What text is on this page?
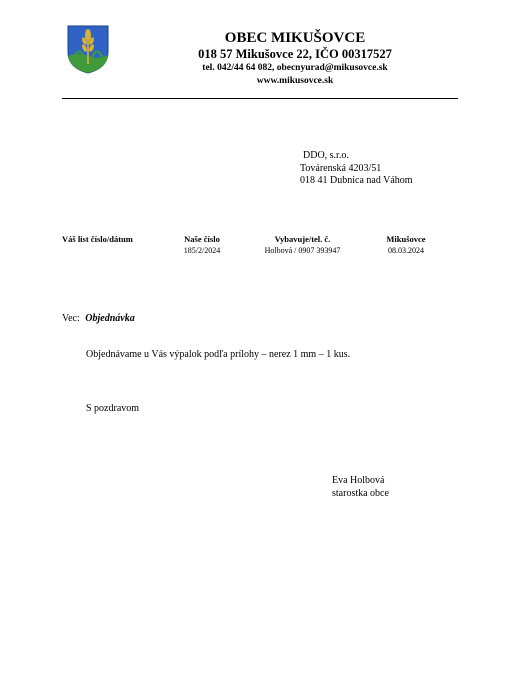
OBEC MIKUŠOVCE
018 57 Mikušovce 22, IČO 00317527
tel. 042/44 64 082, obecnyurad@mikusovce.sk
www.mikusovce.sk
DDO, s.r.o.
Továrenská 4203/51
018 41 Dubnica nad Váhom
Váš list číslo/dátum	Naše číslo
185/2/2024
Vybavuje/tel. č.
Holbová / 0907 393947
Mikušovce
08.03.2024
Vec: Objednávka
Objednávame u Vás výpalok podľa prílohy – nerez 1 mm – 1 kus.
S pozdravom
Eva Holbová
starostka obce
